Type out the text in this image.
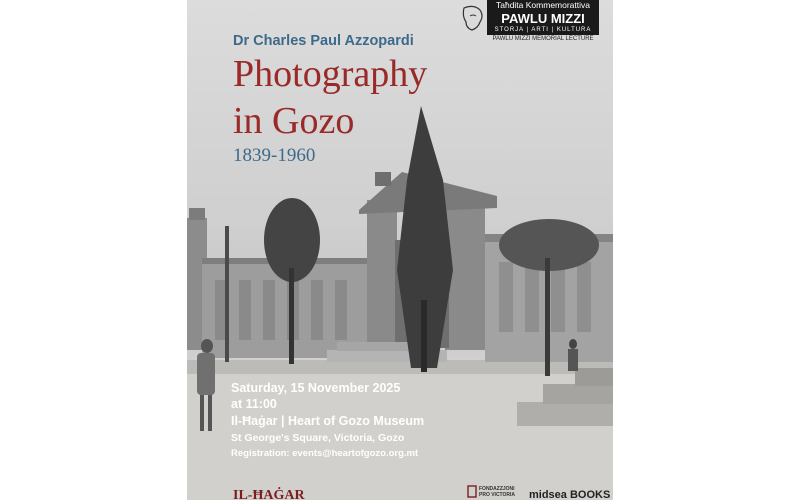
Dr Charles Paul Azzopardi

Photography

in Gozo

1839-1960

Taħdita Kommemorattiva
PAWLU MIZZI
STORJA | ARTI | KULTURA
PAWLU MIZZI MEMORIAL LECTURE

Saturday, 15 November 2025

at 11:00

Il-Ħaġar | Heart of Gozo Museum

St George's Square, Victoria, Gozo

Registration: events@heartofgozo.org.mt

IL-ĦAĠAR	FONDAZZJONI PRO VICTORIA	midsea BOOKS
